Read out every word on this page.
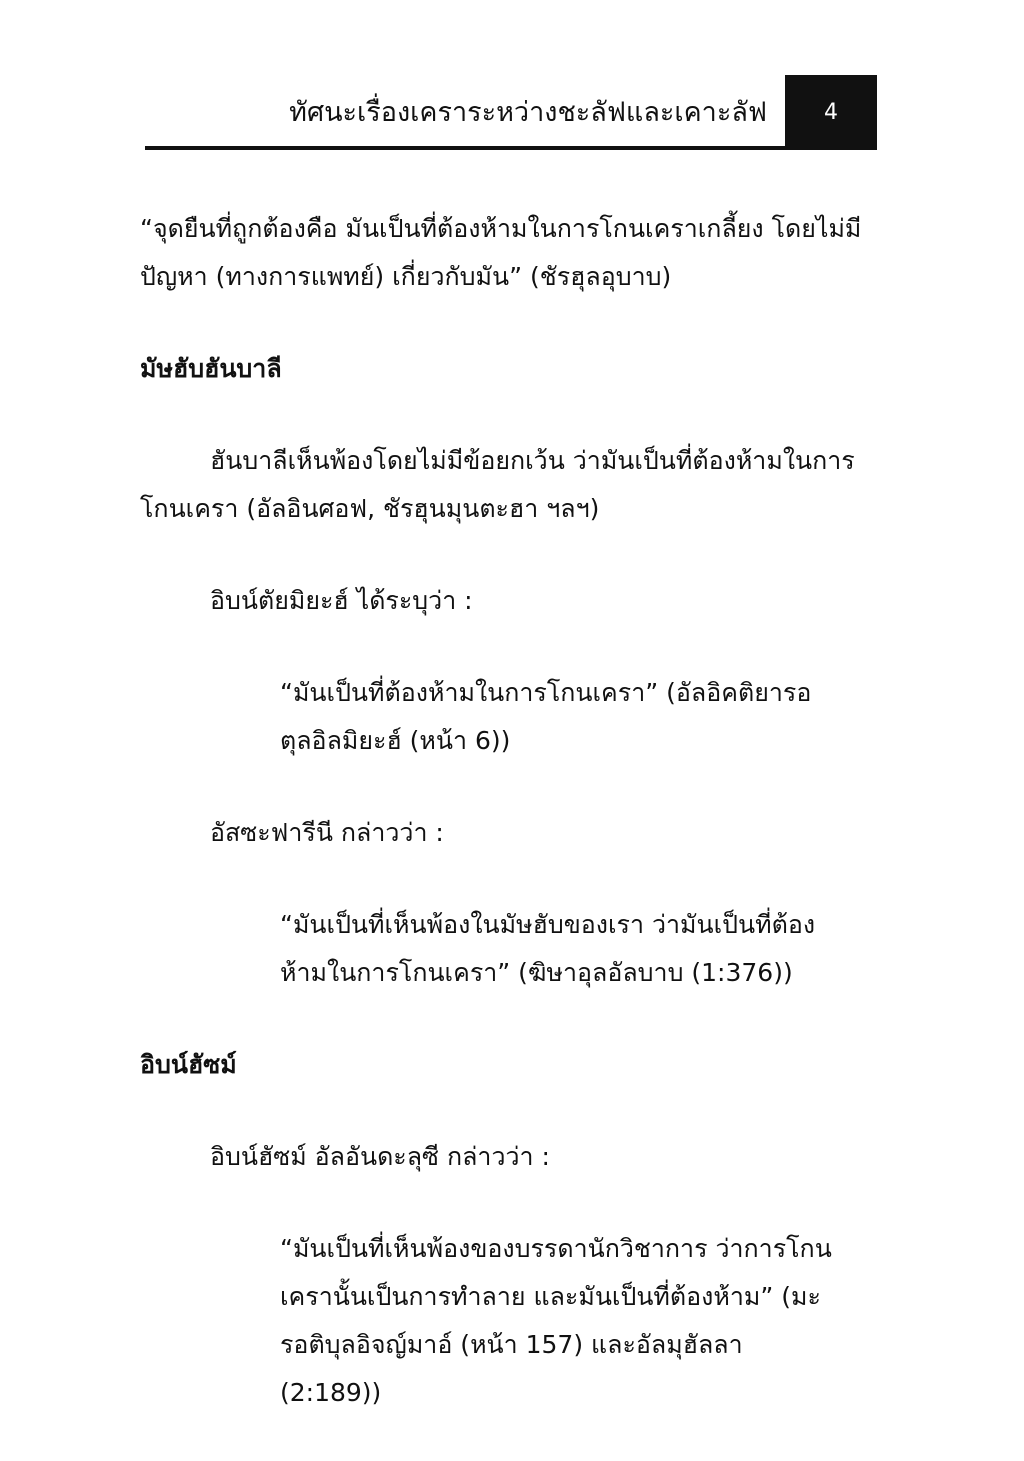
ทัศนะเรื่องเคราระหว่างชะลัฟและเคาะลัฟ	4

“จุดยืนที่ถูกต้องคือ มันเป็นที่ต้องห้ามในการโกนเคราเกลี้ยง โดยไม่มีปัญหา (ทางการแพทย์) เกี่ยวกับมัน” (ชัรฮุลอุบาบ)

มัษฮับฮันบาลี

ฮันบาลีเห็นพ้องโดยไม่มีข้อยกเว้น ว่ามันเป็นที่ต้องห้ามในการโกนเครา (อัลอินศอฟ, ชัรฮุนมุนตะฮา ฯลฯ)

อิบน์ตัยมิยะฮ์ ได้ระบุว่า :

“มันเป็นที่ต้องห้ามในการโกนเครา” (อัลอิคติยารอ ตุลอิลมิยะฮ์ (หน้า 6))

อัสซะฟารีนี กล่าวว่า :

“มันเป็นที่เห็นพ้องในมัษฮับของเรา ว่ามันเป็นที่ต้องห้ามในการโกนเครา” (ฆิษาอุลอัลบาบ (1:376))

อิบน์ฮัซม์

อิบน์ฮัซม์ อัลอันดะลุซี กล่าวว่า :

“มันเป็นที่เห็นพ้องของบรรดานักวิชาการ ว่าการโกนเครานั้นเป็นการทำลาย และมันเป็นที่ต้องห้าม” (มะรอติบุลอิจญ์มาอ์ (หน้า 157) และอัลมุฮัลลา (2:189))
